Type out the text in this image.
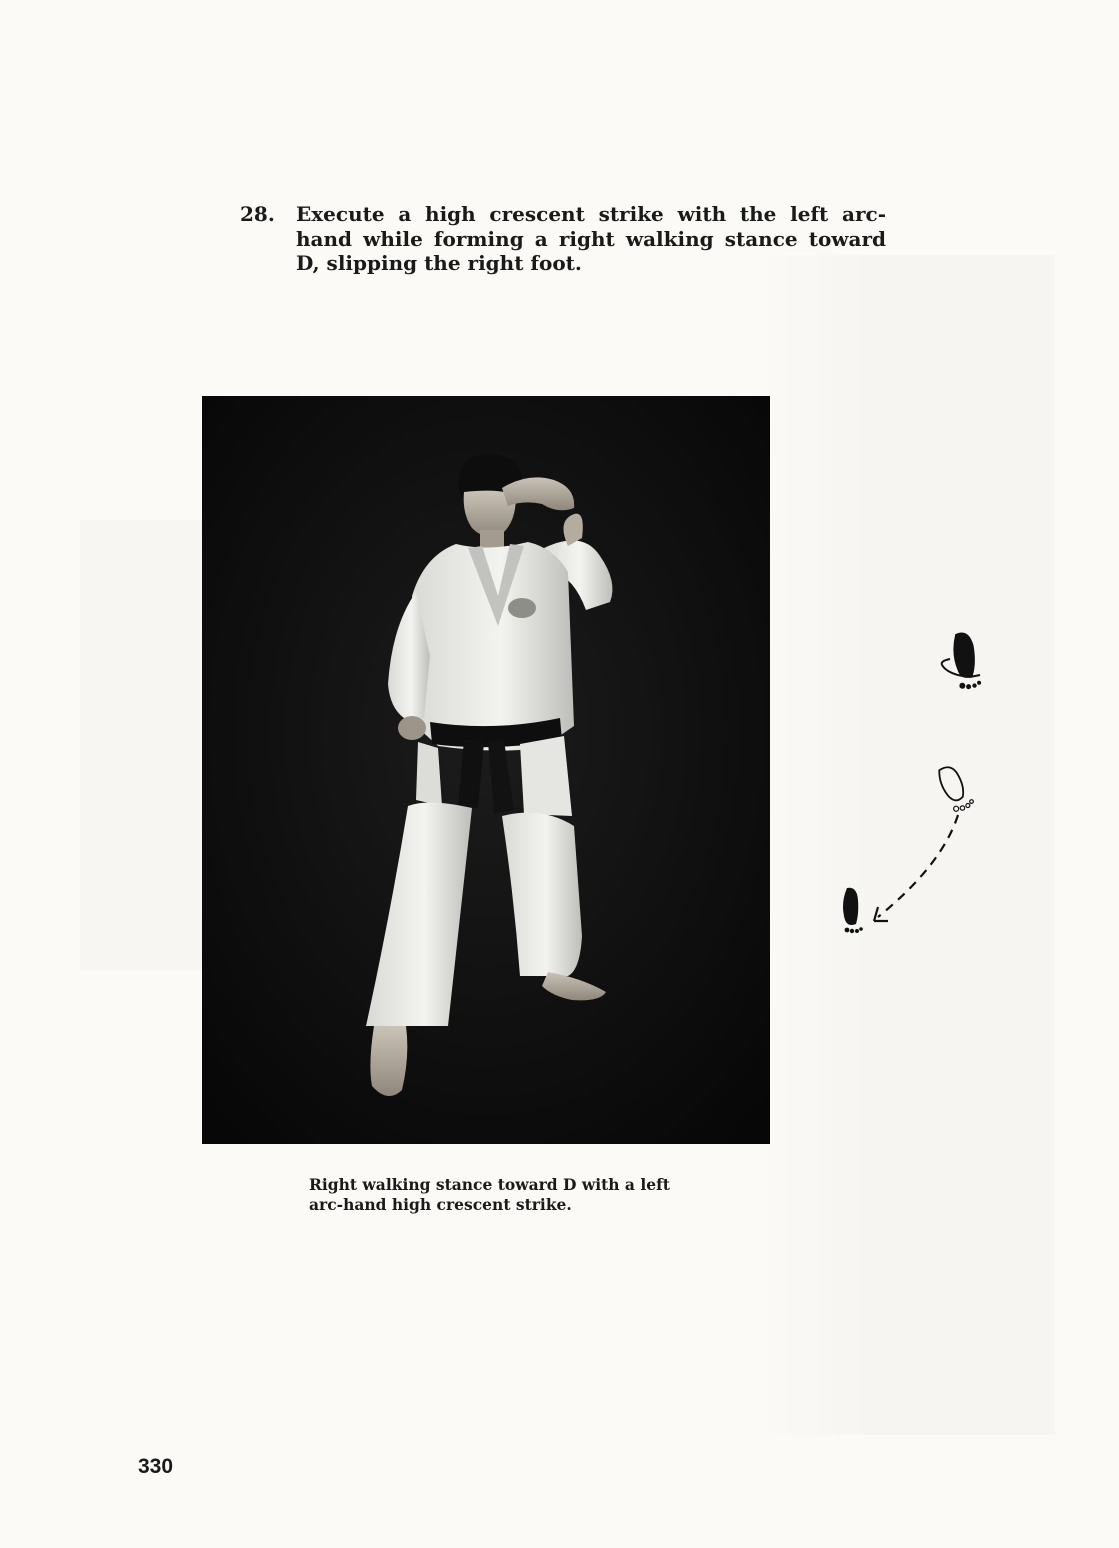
28. Execute a high crescent strike with the left arc-hand while forming a right walking stance toward D, slipping the right foot.
Right walking stance toward D with a left arc-hand high crescent strike.
330
